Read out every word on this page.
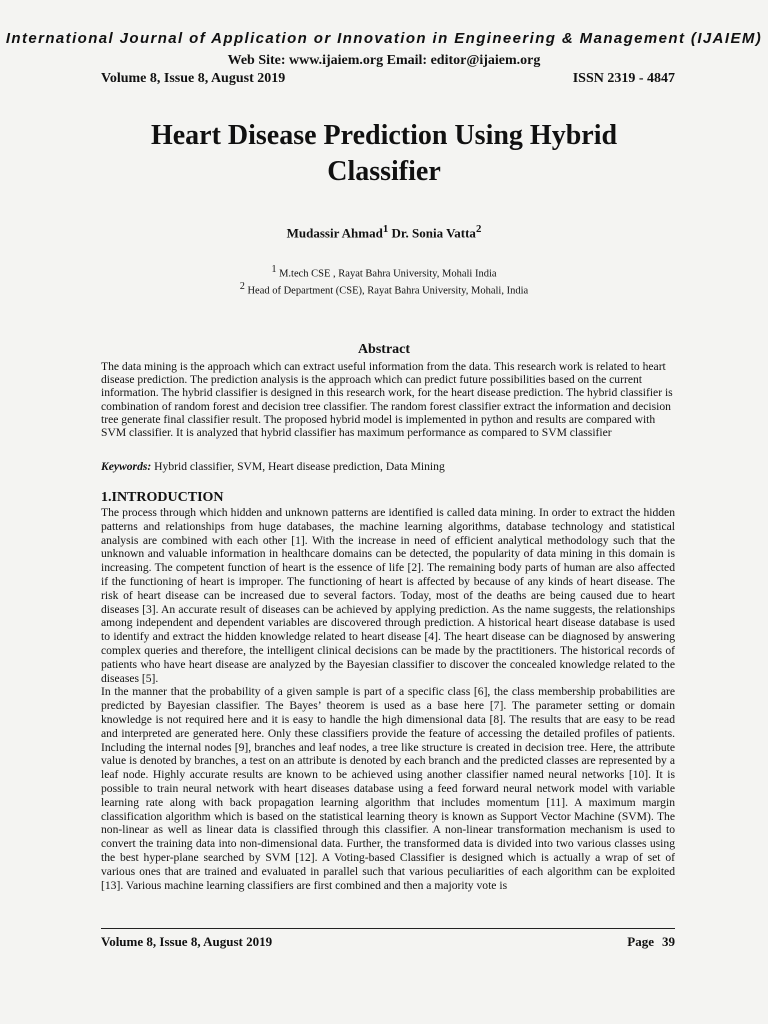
International Journal of Application or Innovation in Engineering & Management (IJAIEM)
Web Site: www.ijaiem.org Email: editor@ijaiem.org
Volume 8, Issue 8, August 2019	ISSN 2319 - 4847
Heart Disease Prediction Using Hybrid Classifier
Mudassir Ahmad$^1$ Dr. Sonia Vatta$^2$
$^1$ M.tech CSE , Rayat Bahra University, Mohali India
$^2$ Head of Department (CSE), Rayat Bahra University, Mohali, India
Abstract
The data mining is the approach which can extract useful information from the data. This research work is related to heart disease prediction. The prediction analysis is the approach which can predict future possibilities based on the current information. The hybrid classifier is designed in this research work, for the heart disease prediction. The hybrid classifier is combination of random forest and decision tree classifier. The random forest classifier extract the information and decision tree generate final classifier result. The proposed hybrid model is implemented in python and results are compared with SVM classifier. It is analyzed that hybrid classifier has maximum performance as compared to SVM classifier
Keywords: Hybrid classifier, SVM, Heart disease prediction, Data Mining
1.INTRODUCTION

The process through which hidden and unknown patterns are identified is called data mining. In order to extract the hidden patterns and relationships from huge databases, the machine learning algorithms, database technology and statistical analysis are combined with each other [1]. With the increase in need of efficient analytical methodology such that the unknown and valuable information in healthcare domains can be detected, the popularity of data mining in this domain is increasing. The competent function of heart is the essence of life [2]. The remaining body parts of human are also affected if the functioning of heart is improper. The functioning of heart is affected by because of any kinds of heart disease. The risk of heart disease can be increased due to several factors. Today, most of the deaths are being caused due to heart diseases [3]. An accurate result of diseases can be achieved by applying prediction. As the name suggests, the relationships among independent and dependent variables are discovered through prediction. A historical heart disease database is used to identify and extract the hidden knowledge related to heart disease [4]. The heart disease can be diagnosed by answering complex queries and therefore, the intelligent clinical decisions can be made by the practitioners. The historical records of patients who have heart disease are analyzed by the Bayesian classifier to discover the concealed knowledge related to the diseases [5].

In the manner that the probability of a given sample is part of a specific class [6], the class membership probabilities are predicted by Bayesian classifier. The Bayes’ theorem is used as a base here [7]. The parameter setting or domain knowledge is not required here and it is easy to handle the high dimensional data [8]. The results that are easy to be read and interpreted are generated here. Only these classifiers provide the feature of accessing the detailed profiles of patients. Including the internal nodes [9], branches and leaf nodes, a tree like structure is created in decision tree. Here, the attribute value is denoted by branches, a test on an attribute is denoted by each branch and the predicted classes are represented by a leaf node. Highly accurate results are known to be achieved using another classifier named neural networks [10]. It is possible to train neural network with heart diseases database using a feed forward neural network model with variable learning rate along with back propagation learning algorithm that includes momentum [11]. A maximum margin classification algorithm which is based on the statistical learning theory is known as Support Vector Machine (SVM). The non-linear as well as linear data is classified through this classifier. A non-linear transformation mechanism is used to convert the training data into non-dimensional data. Further, the transformed data is divided into two various classes using the best hyper-plane searched by SVM [12]. A Voting-based Classifier is designed which is actually a wrap of set of various ones that are trained and evaluated in parallel such that various peculiarities of each algorithm can be exploited [13]. Various machine learning classifiers are first combined and then a majority vote is

Volume 8, Issue 8, August 2019	Page 39
